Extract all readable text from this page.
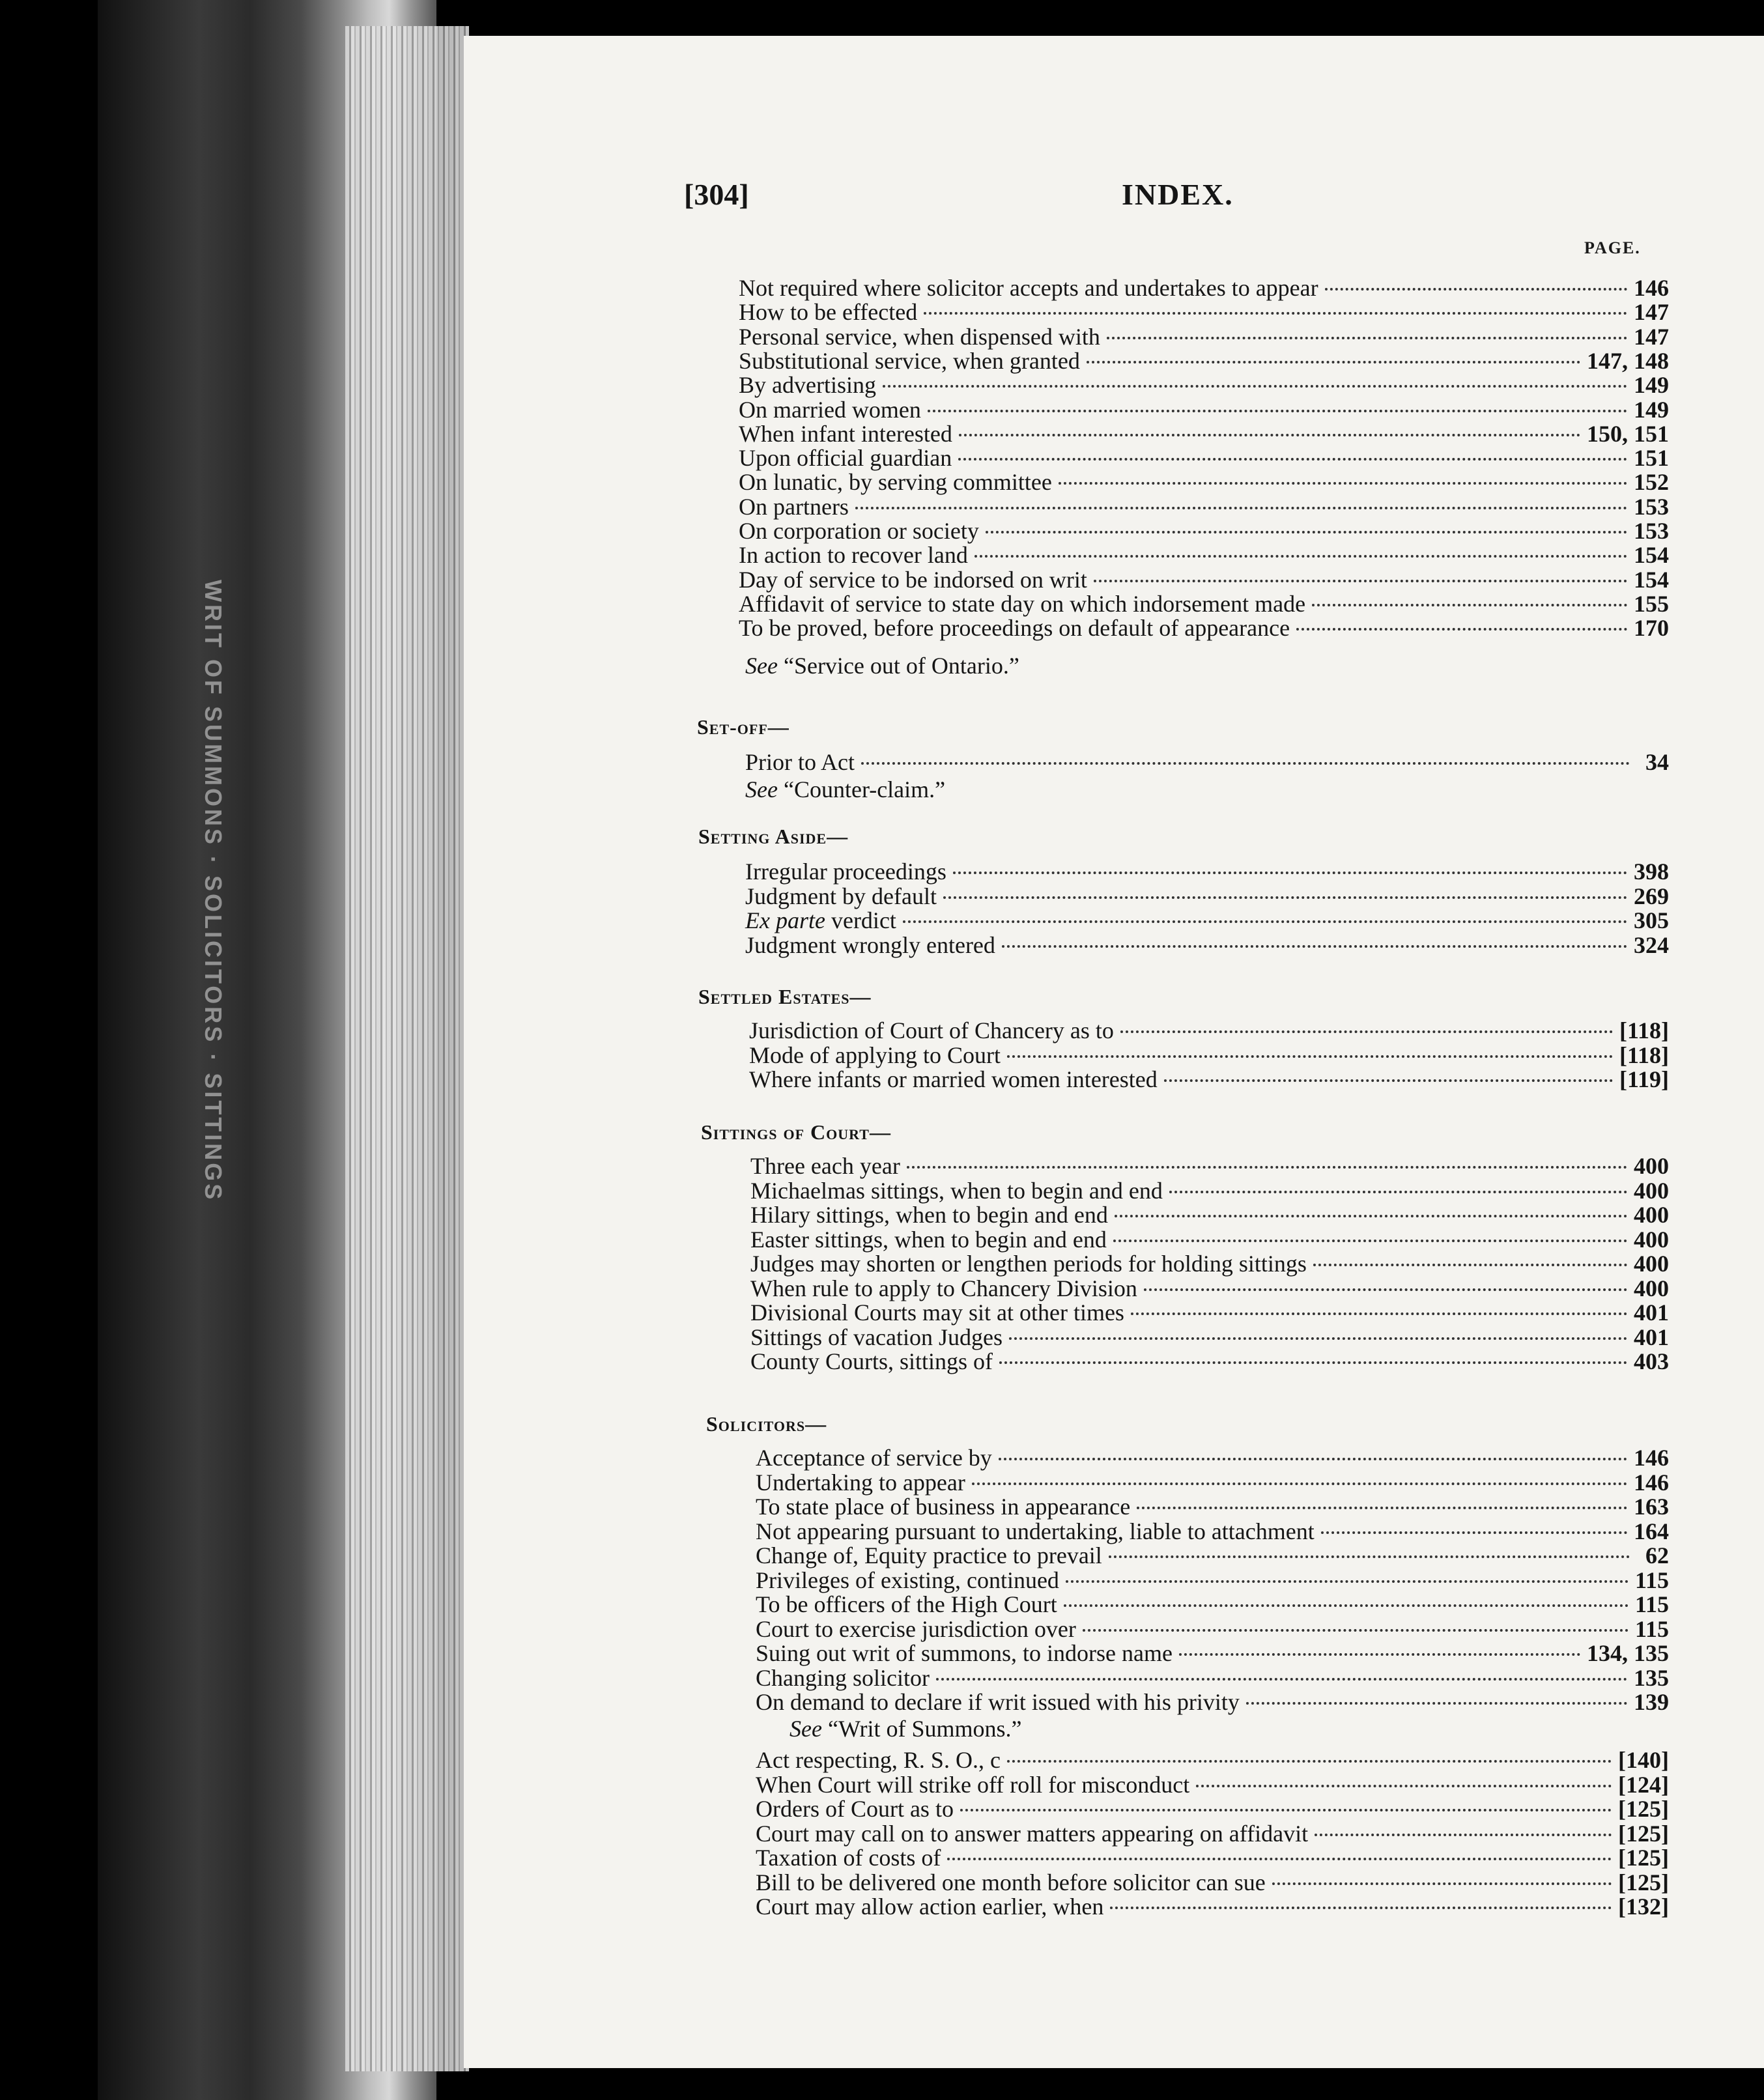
WRIT OF SUMMONS · SOLICITORS · SITTINGS
[304]	INDEX.
PAGE.
Not required where solicitor accepts and undertakes to appear	146
How to be effected	147
Personal service, when dispensed with	147
Substitutional service, when granted	147, 148
By advertising	149
On married women	149
When infant interested	150, 151
Upon official guardian	151
On lunatic, by serving committee	152
On partners	153
On corporation or society	153
In action to recover land	154
Day of service to be indorsed on writ	154
Affidavit of service to state day on which indorsement made	155
To be proved, before proceedings on default of appearance	170
See “Service out of Ontario.”
Set-off—
Prior to Act	34
See “Counter-claim.”
Setting Aside—
Irregular proceedings	398
Judgment by default	269
Ex parte verdict	305
Judgment wrongly entered	324
Settled Estates—
Jurisdiction of Court of Chancery as to	[118]
Mode of applying to Court	[118]
Where infants or married women interested	[119]
Sittings of Court—
Three each year	400
Michaelmas sittings, when to begin and end	400
Hilary sittings, when to begin and end	400
Easter sittings, when to begin and end	400
Judges may shorten or lengthen periods for holding sittings	400
When rule to apply to Chancery Division	400
Divisional Courts may sit at other times	401
Sittings of vacation Judges	401
County Courts, sittings of	403
Solicitors—
Acceptance of service by	146
Undertaking to appear	146
To state place of business in appearance	163
Not appearing pursuant to undertaking, liable to attachment	164
Change of, Equity practice to prevail	62
Privileges of existing, continued	115
To be officers of the High Court	115
Court to exercise jurisdiction over	115
Suing out writ of summons, to indorse name	134, 135
Changing solicitor	135
On demand to declare if writ issued with his privity	139
See “Writ of Summons.”
Act respecting, R. S. O., c	[140]
When Court will strike off roll for misconduct	[124]
Orders of Court as to	[125]
Court may call on to answer matters appearing on affidavit	[125]
Taxation of costs of	[125]
Bill to be delivered one month before solicitor can sue	[125]
Court may allow action earlier, when	[132]
